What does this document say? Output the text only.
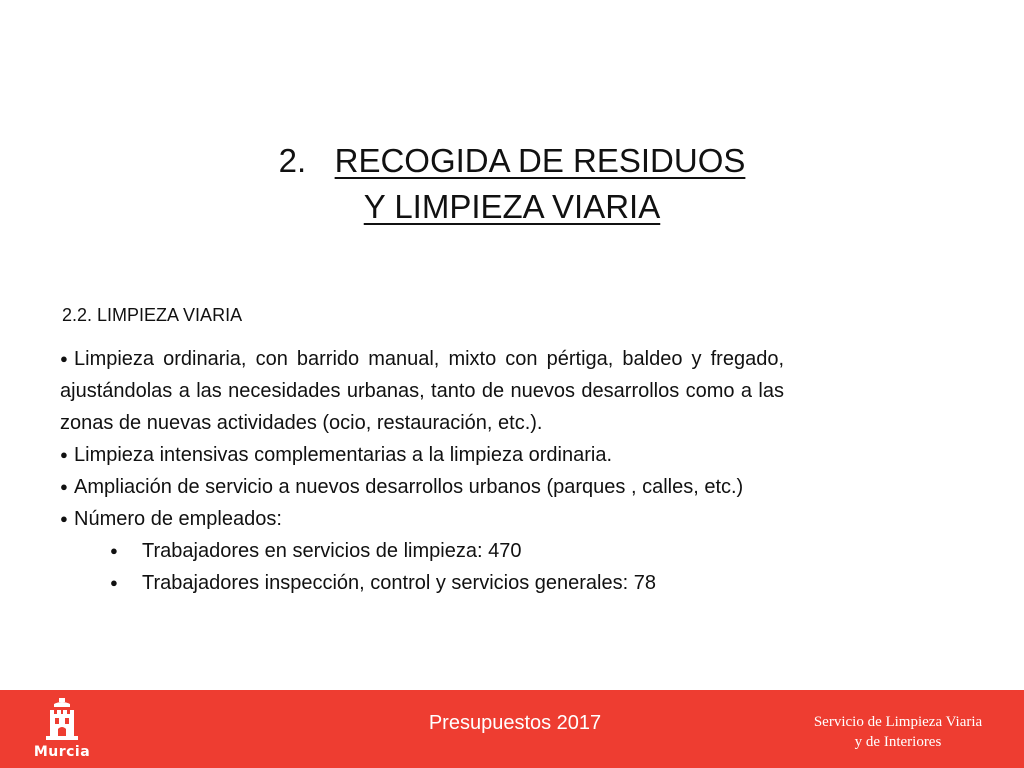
2. RECOGIDA DE RESIDUOS
Y LIMPIEZA VIARIA
2.2. LIMPIEZA VIARIA

● Limpieza ordinaria, con barrido manual, mixto con pértiga, baldeo y fregado, ajustándolas a las necesidades urbanas, tanto de nuevos desarrollos como a las zonas de nuevas actividades (ocio, restauración, etc.).

● Limpieza intensivas complementarias a la limpieza ordinaria.

● Ampliación de servicio a nuevos desarrollos urbanos (parques , calles, etc.)

● Número de empleados:

● Trabajadores en servicios de limpieza: 470
● Trabajadores inspección, control y servicios generales: 78
Murcia
Presupuestos 2017	Servicio de Limpieza Viaria
y de Interiores
